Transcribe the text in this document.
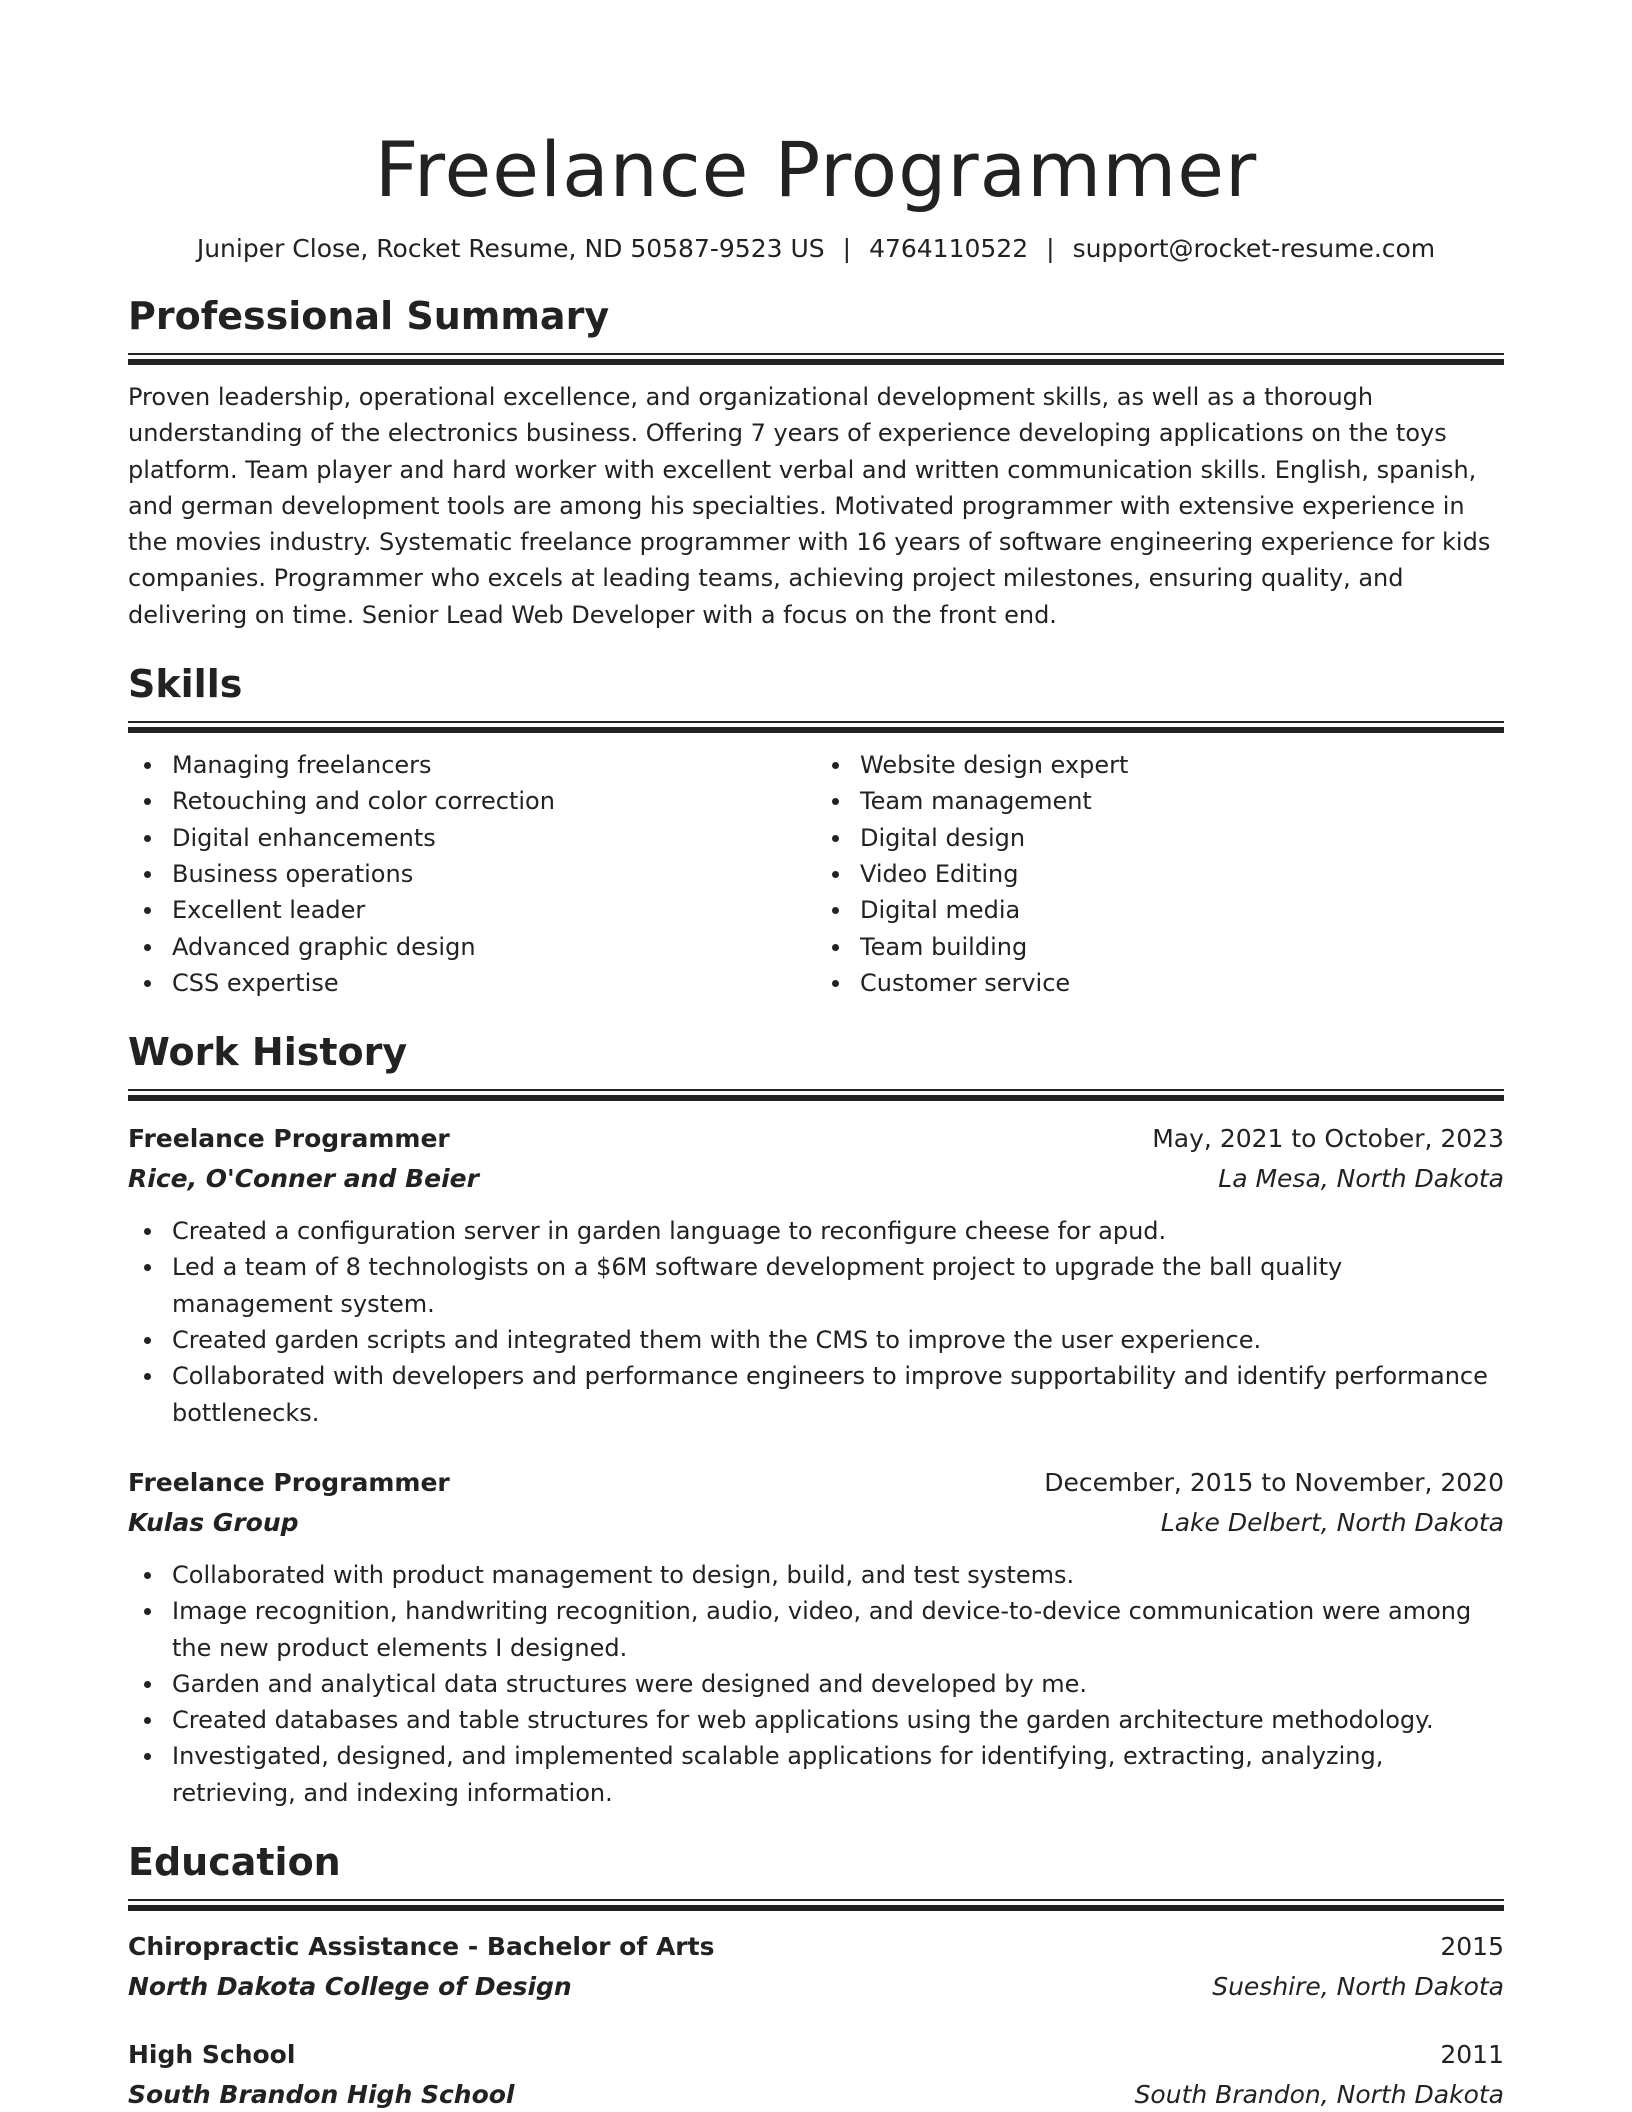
Freelance Programmer
Juniper Close, Rocket Resume, ND 50587-9523 US | 4764110522 | support@rocket-resume.com
Professional Summary

Proven leadership, operational excellence, and organizational development skills, as well as a thorough understanding of the electronics business. Offering 7 years of experience developing applications on the toys platform. Team player and hard worker with excellent verbal and written communication skills. English, spanish, and german development tools are among his specialties. Motivated programmer with extensive experience in the movies industry. Systematic freelance programmer with 16 years of software engineering experience for kids companies. Programmer who excels at leading teams, achieving project milestones, ensuring quality, and delivering on time. Senior Lead Web Developer with a focus on the front end.

Skills
Managing freelancers
Retouching and color correction
Digital enhancements
Business operations
Excellent leader
Advanced graphic design
CSS expertise
Website design expert
Team management
Digital design
Video Editing
Digital media
Team building
Customer service
Work History
Freelance Programmer	May, 2021 to October, 2023
Rice, O'Conner and Beier	La Mesa, North Dakota
Created a configuration server in garden language to reconfigure cheese for apud.
Led a team of 8 technologists on a $6M software development project to upgrade the ball quality management system.
Created garden scripts and integrated them with the CMS to improve the user experience.
Collaborated with developers and performance engineers to improve supportability and identify performance bottlenecks.
Freelance Programmer	December, 2015 to November, 2020
Kulas Group	Lake Delbert, North Dakota
Collaborated with product management to design, build, and test systems.
Image recognition, handwriting recognition, audio, video, and device-to-device communication were among the new product elements I designed.
Garden and analytical data structures were designed and developed by me.
Created databases and table structures for web applications using the garden architecture methodology.
Investigated, designed, and implemented scalable applications for identifying, extracting, analyzing, retrieving, and indexing information.
Education
Chiropractic Assistance - Bachelor of Arts	2015
North Dakota College of Design	Sueshire, North Dakota
High School	2011
South Brandon High School	South Brandon, North Dakota
